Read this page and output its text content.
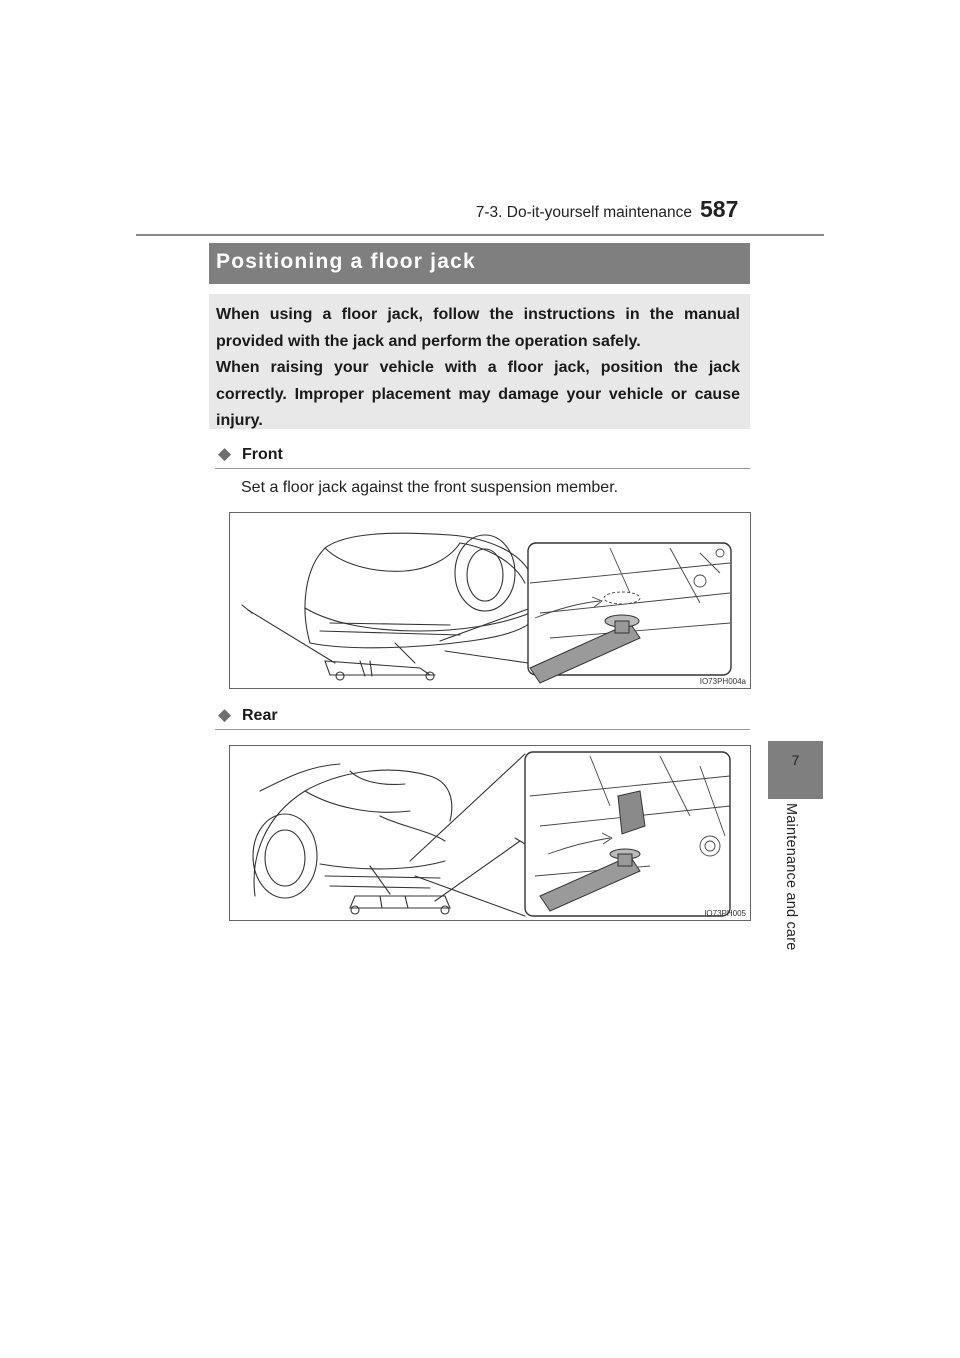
7-3. Do-it-yourself maintenance 587
7
Maintenance and care
Positioning a floor jack
When using a floor jack, follow the instructions in the manual provided with the jack and perform the operation safely.
When raising your vehicle with a floor jack, position the jack correctly. Improper placement may damage your vehicle or cause injury.
◆ Front
Set a floor jack against the front suspension member.
IO73PH004a
◆ Rear
IO73PH005
